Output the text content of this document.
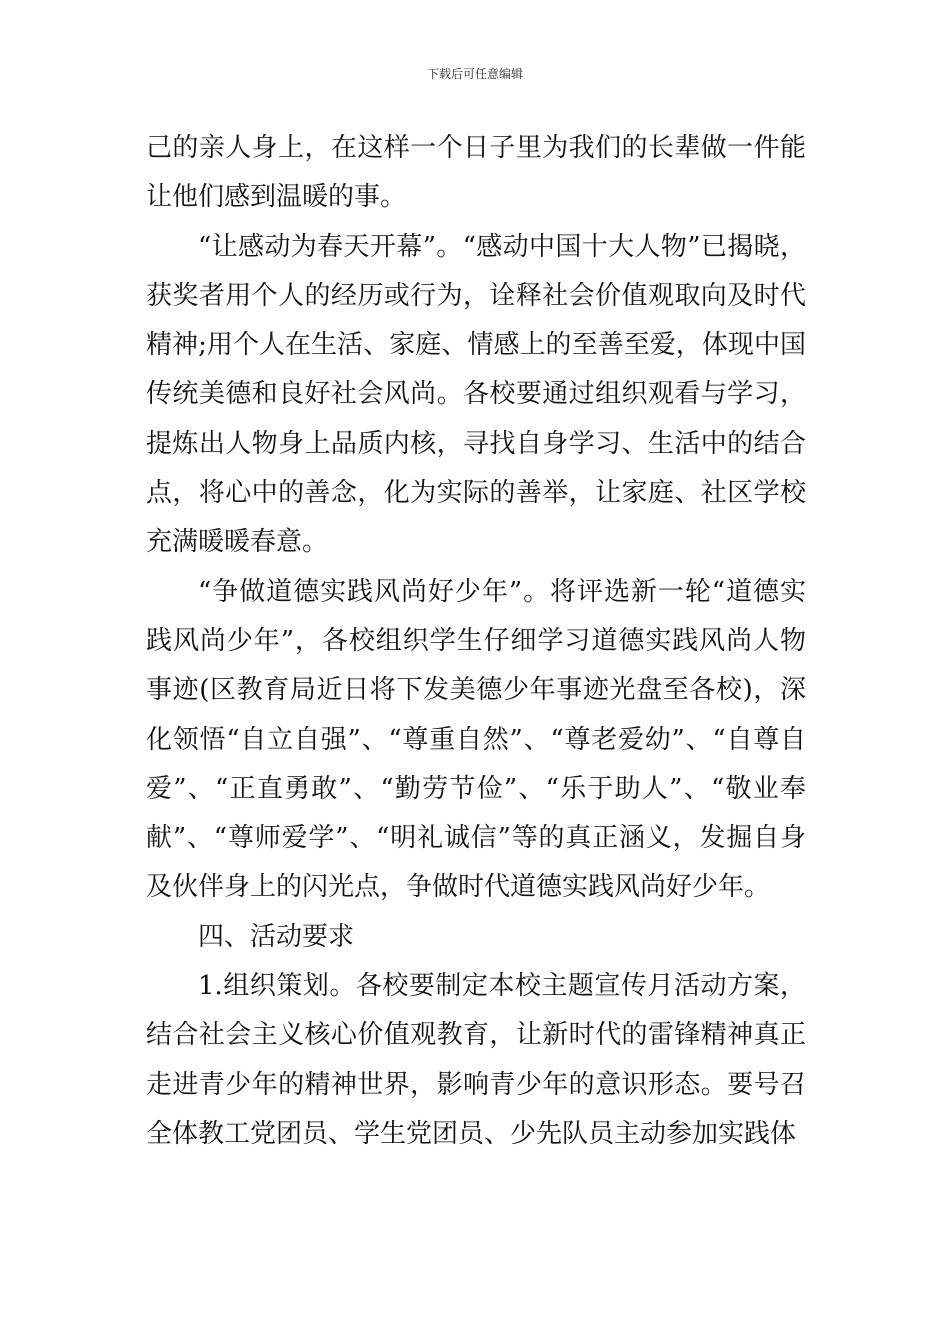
下载后可任意编辑

己的亲人身上，在这样一个日子里为我们的长辈做一件能让他们感到温暖的事。

“让感动为春天开幕”。“感动中国十大人物”已揭晓，获奖者用个人的经历或行为，诠释社会价值观取向及时代精神;用个人在生活、家庭、情感上的至善至爱，体现中国传统美德和良好社会风尚。各校要通过组织观看与学习，提炼出人物身上品质内核，寻找自身学习、生活中的结合点，将心中的善念，化为实际的善举，让家庭、社区学校充满暖暖春意。

“争做道德实践风尚好少年”。将评选新一轮“道德实践风尚少年”，各校组织学生仔细学习道德实践风尚人物事迹(区教育局近日将下发美德少年事迹光盘至各校)，深化领悟“自立自强”、“尊重自然”、“尊老爱幼”、“自尊自爱”、“正直勇敢”、“勤劳节俭”、“乐于助人”、“敬业奉献”、“尊师爱学”、“明礼诚信”等的真正涵义，发掘自身及伙伴身上的闪光点，争做时代道德实践风尚好少年。

四、活动要求

1.组织策划。各校要制定本校主题宣传月活动方案，结合社会主义核心价值观教育，让新时代的雷锋精神真正走进青少年的精神世界，影响青少年的意识形态。要号召全体教工党团员、学生党团员、少先队员主动参加实践体
